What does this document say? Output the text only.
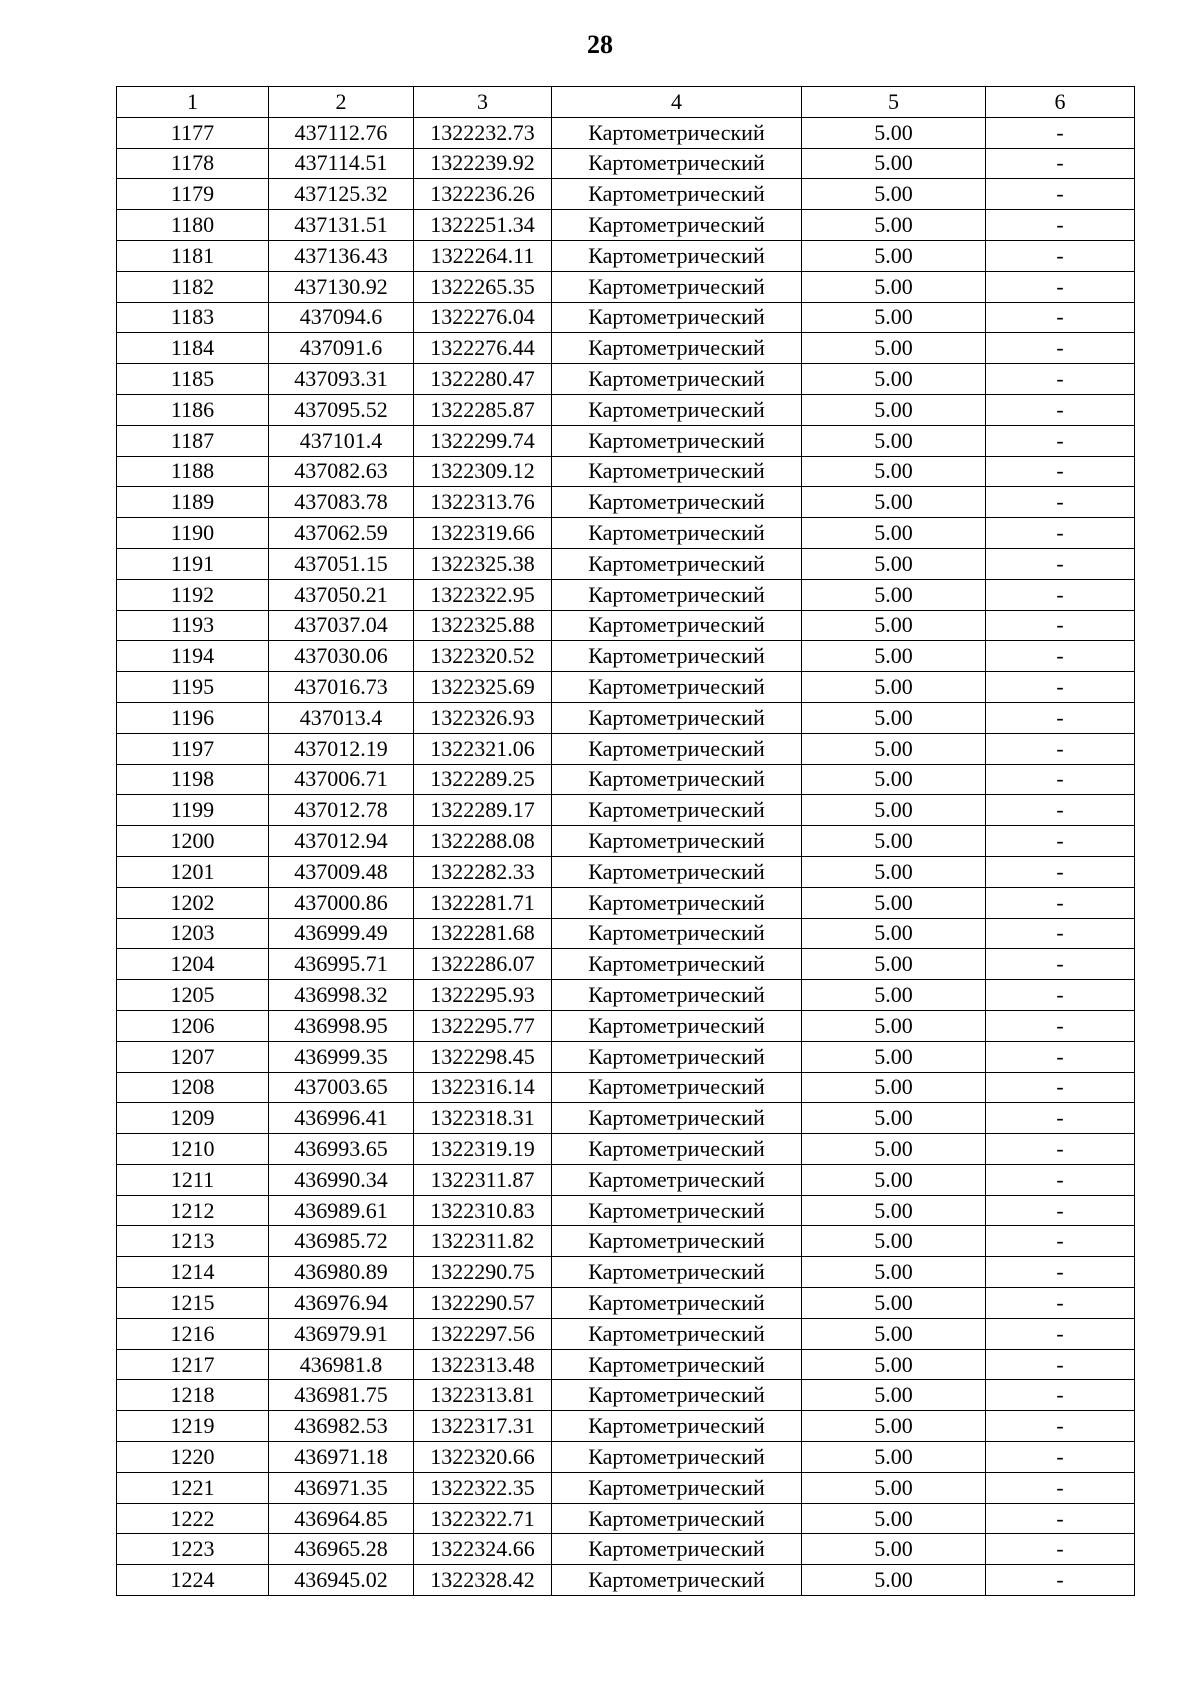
28
1	2	3	4	5	6
1177	437112.76	1322232.73	Картометрический	5.00	-
1178	437114.51	1322239.92	Картометрический	5.00	-
1179	437125.32	1322236.26	Картометрический	5.00	-
1180	437131.51	1322251.34	Картометрический	5.00	-
1181	437136.43	1322264.11	Картометрический	5.00	-
1182	437130.92	1322265.35	Картометрический	5.00	-
1183	437094.6	1322276.04	Картометрический	5.00	-
1184	437091.6	1322276.44	Картометрический	5.00	-
1185	437093.31	1322280.47	Картометрический	5.00	-
1186	437095.52	1322285.87	Картометрический	5.00	-
1187	437101.4	1322299.74	Картометрический	5.00	-
1188	437082.63	1322309.12	Картометрический	5.00	-
1189	437083.78	1322313.76	Картометрический	5.00	-
1190	437062.59	1322319.66	Картометрический	5.00	-
1191	437051.15	1322325.38	Картометрический	5.00	-
1192	437050.21	1322322.95	Картометрический	5.00	-
1193	437037.04	1322325.88	Картометрический	5.00	-
1194	437030.06	1322320.52	Картометрический	5.00	-
1195	437016.73	1322325.69	Картометрический	5.00	-
1196	437013.4	1322326.93	Картометрический	5.00	-
1197	437012.19	1322321.06	Картометрический	5.00	-
1198	437006.71	1322289.25	Картометрический	5.00	-
1199	437012.78	1322289.17	Картометрический	5.00	-
1200	437012.94	1322288.08	Картометрический	5.00	-
1201	437009.48	1322282.33	Картометрический	5.00	-
1202	437000.86	1322281.71	Картометрический	5.00	-
1203	436999.49	1322281.68	Картометрический	5.00	-
1204	436995.71	1322286.07	Картометрический	5.00	-
1205	436998.32	1322295.93	Картометрический	5.00	-
1206	436998.95	1322295.77	Картометрический	5.00	-
1207	436999.35	1322298.45	Картометрический	5.00	-
1208	437003.65	1322316.14	Картометрический	5.00	-
1209	436996.41	1322318.31	Картометрический	5.00	-
1210	436993.65	1322319.19	Картометрический	5.00	-
1211	436990.34	1322311.87	Картометрический	5.00	-
1212	436989.61	1322310.83	Картометрический	5.00	-
1213	436985.72	1322311.82	Картометрический	5.00	-
1214	436980.89	1322290.75	Картометрический	5.00	-
1215	436976.94	1322290.57	Картометрический	5.00	-
1216	436979.91	1322297.56	Картометрический	5.00	-
1217	436981.8	1322313.48	Картометрический	5.00	-
1218	436981.75	1322313.81	Картометрический	5.00	-
1219	436982.53	1322317.31	Картометрический	5.00	-
1220	436971.18	1322320.66	Картометрический	5.00	-
1221	436971.35	1322322.35	Картометрический	5.00	-
1222	436964.85	1322322.71	Картометрический	5.00	-
1223	436965.28	1322324.66	Картометрический	5.00	-
1224	436945.02	1322328.42	Картометрический	5.00	-
